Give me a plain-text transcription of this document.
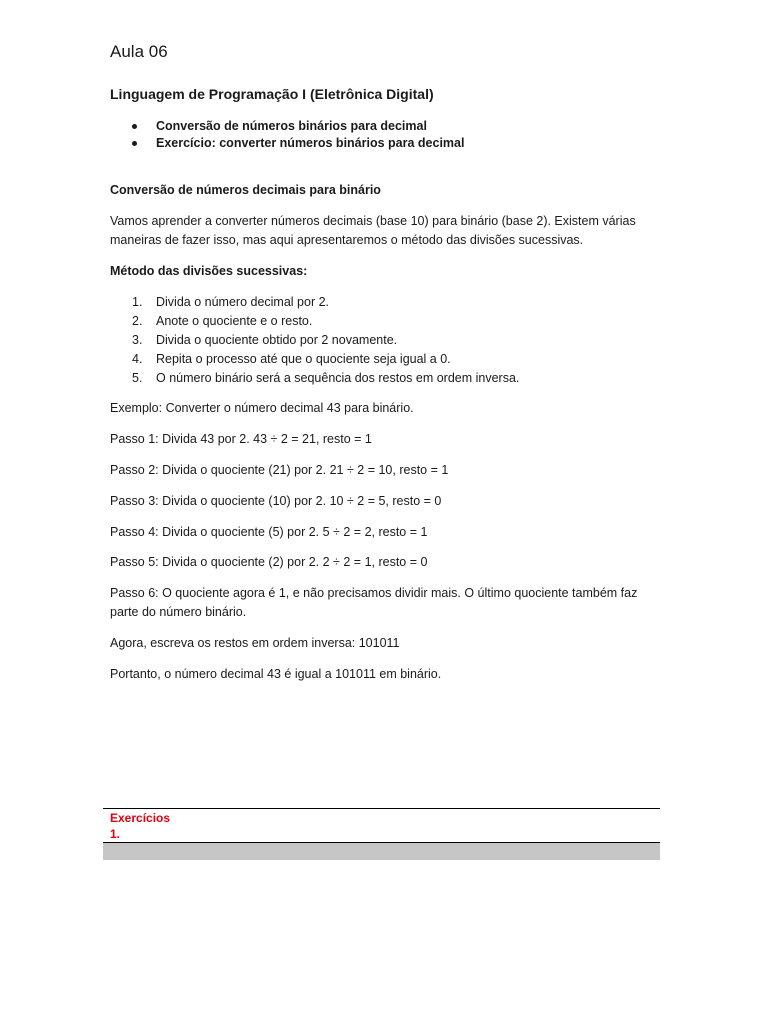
Aula 06
Linguagem de Programação I (Eletrônica Digital)
Conversão de números binários para decimal
Exercício: converter números binários para decimal

Conversão de números decimais para binário

Vamos aprender a converter números decimais (base 10) para binário (base 2). Existem várias maneiras de fazer isso, mas aqui apresentaremos o método das divisões sucessivas.

Método das divisões sucessivas:

1. Divida o número decimal por 2.
2. Anote o quociente e o resto.
3. Divida o quociente obtido por 2 novamente.
4. Repita o processo até que o quociente seja igual a 0.
5. O número binário será a sequência dos restos em ordem inversa.

Exemplo: Converter o número decimal 43 para binário.

Passo 1: Divida 43 por 2. 43 ÷ 2 = 21, resto = 1

Passo 2: Divida o quociente (21) por 2. 21 ÷ 2 = 10, resto = 1

Passo 3: Divida o quociente (10) por 2. 10 ÷ 2 = 5, resto = 0

Passo 4: Divida o quociente (5) por 2. 5 ÷ 2 = 2, resto = 1

Passo 5: Divida o quociente (2) por 2. 2 ÷ 2 = 1, resto = 0

Passo 6: O quociente agora é 1, e não precisamos dividir mais. O último quociente também faz parte do número binário.

Agora, escreva os restos em ordem inversa: 101011

Portanto, o número decimal 43 é igual a 101011 em binário.

Exercícios
1.
